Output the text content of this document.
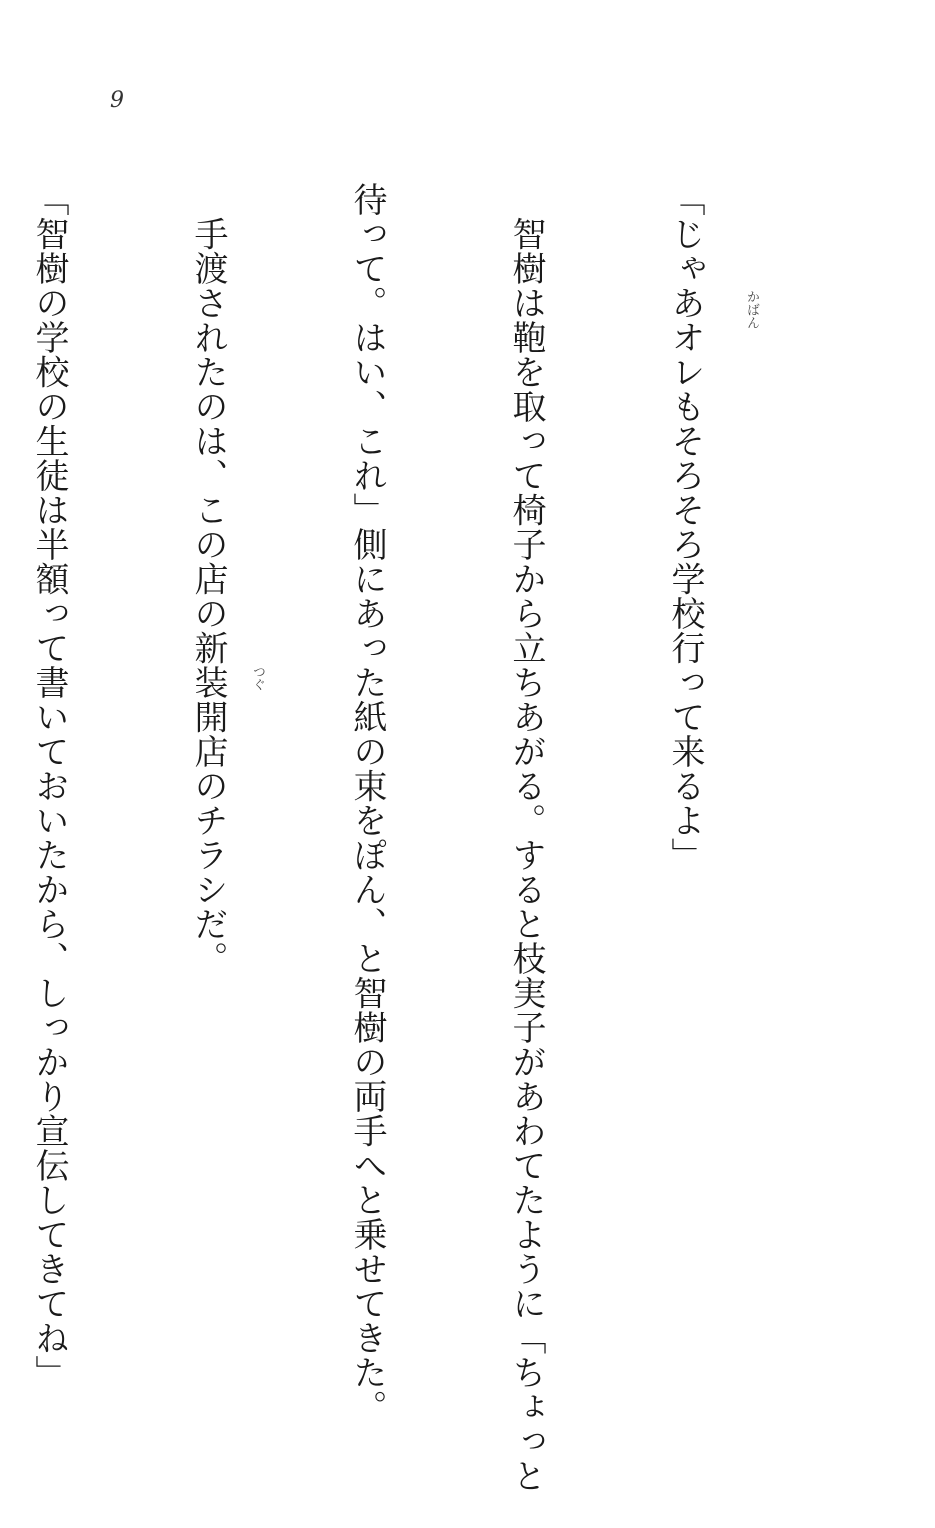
9
かばん
つぐ

	「じゃあオレもそろそろ学校行って来るよ」

　智樹は鞄を取って椅子から立ちあがる。すると枝実子があわてたように「ちょっと

待って。はい、これ」側にあった紙の束をぽん、と智樹の両手へと乗せてきた。

　手渡されたのは、この店の新装開店のチラシだ。

「智樹の学校の生徒は半額って書いておいたから、しっかり宣伝してきてね」
